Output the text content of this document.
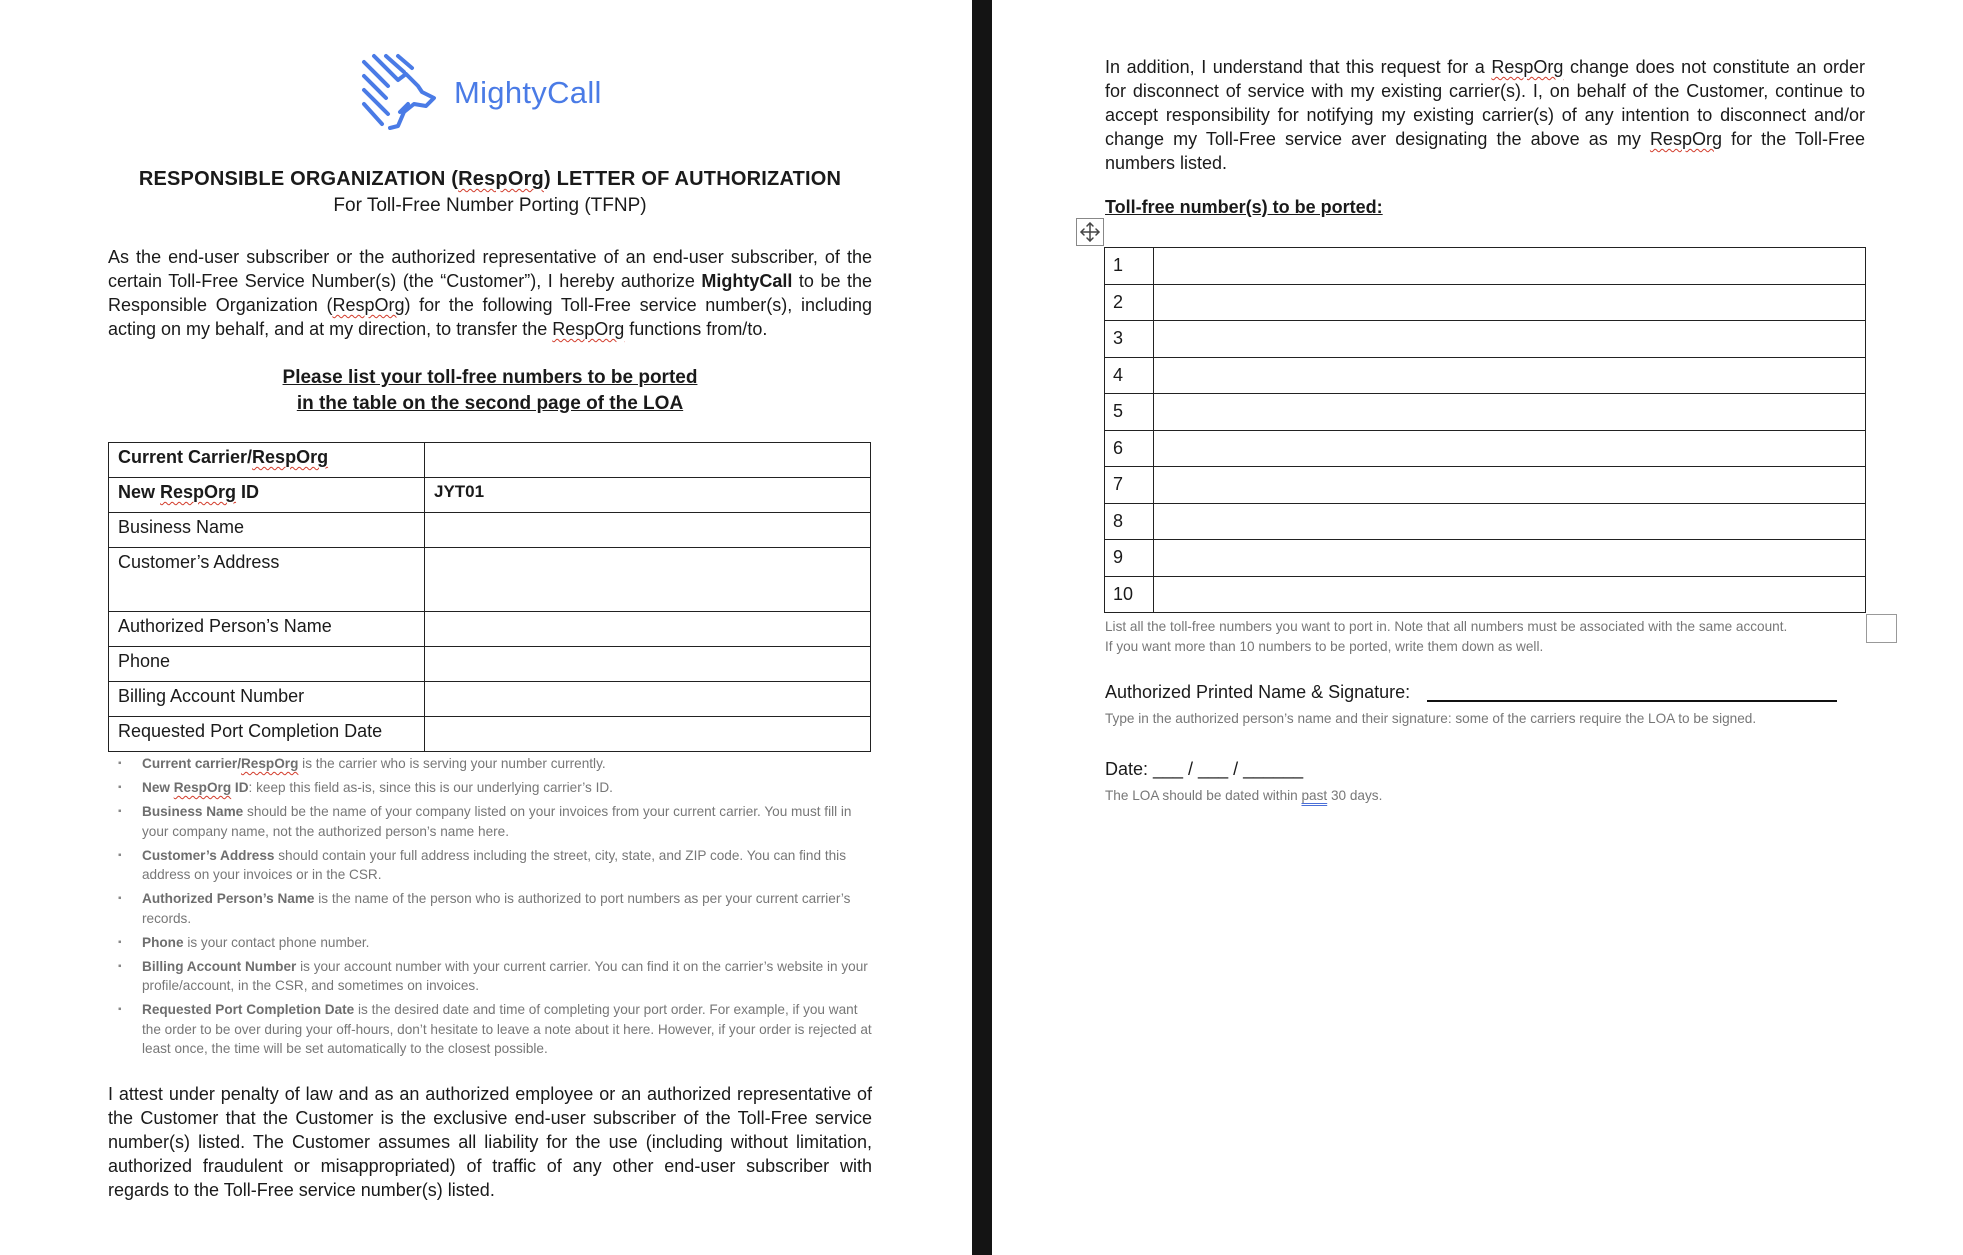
MightyCall
RESPONSIBLE ORGANIZATION (RespOrg) LETTER OF AUTHORIZATION
For Toll-Free Number Porting (TFNP)
As the end-user subscriber or the authorized representative of an end-user subscriber, of the certain Toll-Free Service Number(s) (the “Customer”), I hereby authorize MightyCall to be the Responsible Organization (RespOrg) for the following Toll-Free service number(s), including acting on my behalf, and at my direction, to transfer the RespOrg functions from/to.
Please list your toll-free numbers to be ported
in the table on the second page of the LOA
Current Carrier/RespOrg	
New RespOrg ID	JYT01
Business Name	
Customer’s Address	
Authorized Person’s Name	
Phone	
Billing Account Number	
Requested Port Completion Date	
▪ Current carrier/RespOrg is the carrier who is serving your number currently.
▪ New RespOrg ID: keep this field as-is, since this is our underlying carrier’s ID.
▪ Business Name should be the name of your company listed on your invoices from your current carrier. You must fill in your company name, not the authorized person’s name here.
▪ Customer’s Address should contain your full address including the street, city, state, and ZIP code. You can find this address on your invoices or in the CSR.
▪ Authorized Person’s Name is the name of the person who is authorized to port numbers as per your current carrier’s records.
▪ Phone is your contact phone number.
▪ Billing Account Number is your account number with your current carrier. You can find it on the carrier’s website in your profile/account, in the CSR, and sometimes on invoices.
▪ Requested Port Completion Date is the desired date and time of completing your port order. For example, if you want the order to be over during your off-hours, don’t hesitate to leave a note about it here. However, if your order is rejected at least once, the time will be set automatically to the closest possible.
I attest under penalty of law and as an authorized employee or an authorized representative of the Customer that the Customer is the exclusive end-user subscriber of the Toll-Free service number(s) listed. The Customer assumes all liability for the use (including without limitation, authorized fraudulent or misappropriated) of traffic of any other end-user subscriber with regards to the Toll-Free service number(s) listed.
In addition, I understand that this request for a RespOrg change does not constitute an order for disconnect of service with my existing carrier(s). I, on behalf of the Customer, continue to accept responsibility for notifying my existing carrier(s) of any intention to disconnect and/or change my Toll-Free service aver designating the above as my RespOrg for the Toll-Free numbers listed.
Toll-free number(s) to be ported:
1	
2	
3	
4	
5	
6	
7	
8	
9	
10	
List all the toll-free numbers you want to port in. Note that all numbers must be associated with the same account.
If you want more than 10 numbers to be ported, write them down as well.
Authorized Printed Name & Signature:
Type in the authorized person’s name and their signature: some of the carriers require the LOA to be signed.
Date: ___ / ___ / ______
The LOA should be dated within past 30 days.
